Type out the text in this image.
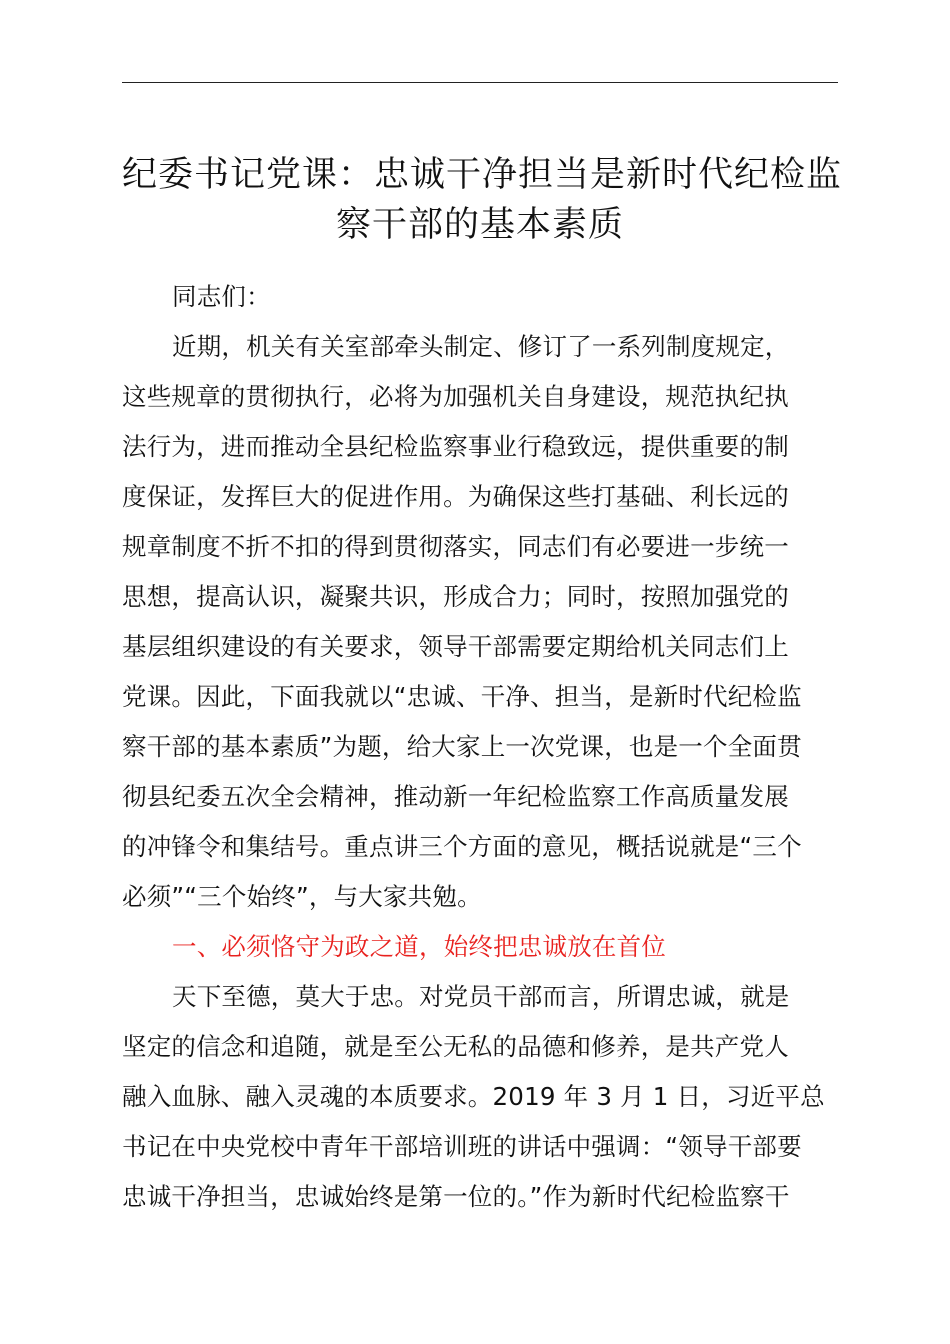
纪委书记党课：忠诚干净担当是新时代纪检监
察干部的基本素质
同志们：
近期，机关有关室部牵头制定、修订了一系列制度规定，
这些规章的贯彻执行，必将为加强机关自身建设，规范执纪执
法行为，进而推动全县纪检监察事业行稳致远，提供重要的制
度保证，发挥巨大的促进作用。为确保这些打基础、利长远的
规章制度不折不扣的得到贯彻落实，同志们有必要进一步统一
思想，提高认识，凝聚共识，形成合力；同时，按照加强党的
基层组织建设的有关要求，领导干部需要定期给机关同志们上
党课。因此，下面我就以“忠诚、干净、担当，是新时代纪检监
察干部的基本素质”为题，给大家上一次党课，也是一个全面贯
彻县纪委五次全会精神，推动新一年纪检监察工作高质量发展
的冲锋令和集结号。重点讲三个方面的意见，概括说就是“三个
必须”“三个始终”，与大家共勉。
一、必须恪守为政之道，始终把忠诚放在首位
天下至德，莫大于忠。对党员干部而言，所谓忠诚，就是
坚定的信念和追随，就是至公无私的品德和修养，是共产党人
融入血脉、融入灵魂的本质要求。2019 年 3 月 1 日，习近平总
书记在中央党校中青年干部培训班的讲话中强调：“领导干部要
忠诚干净担当，忠诚始终是第一位的。”作为新时代纪检监察干
